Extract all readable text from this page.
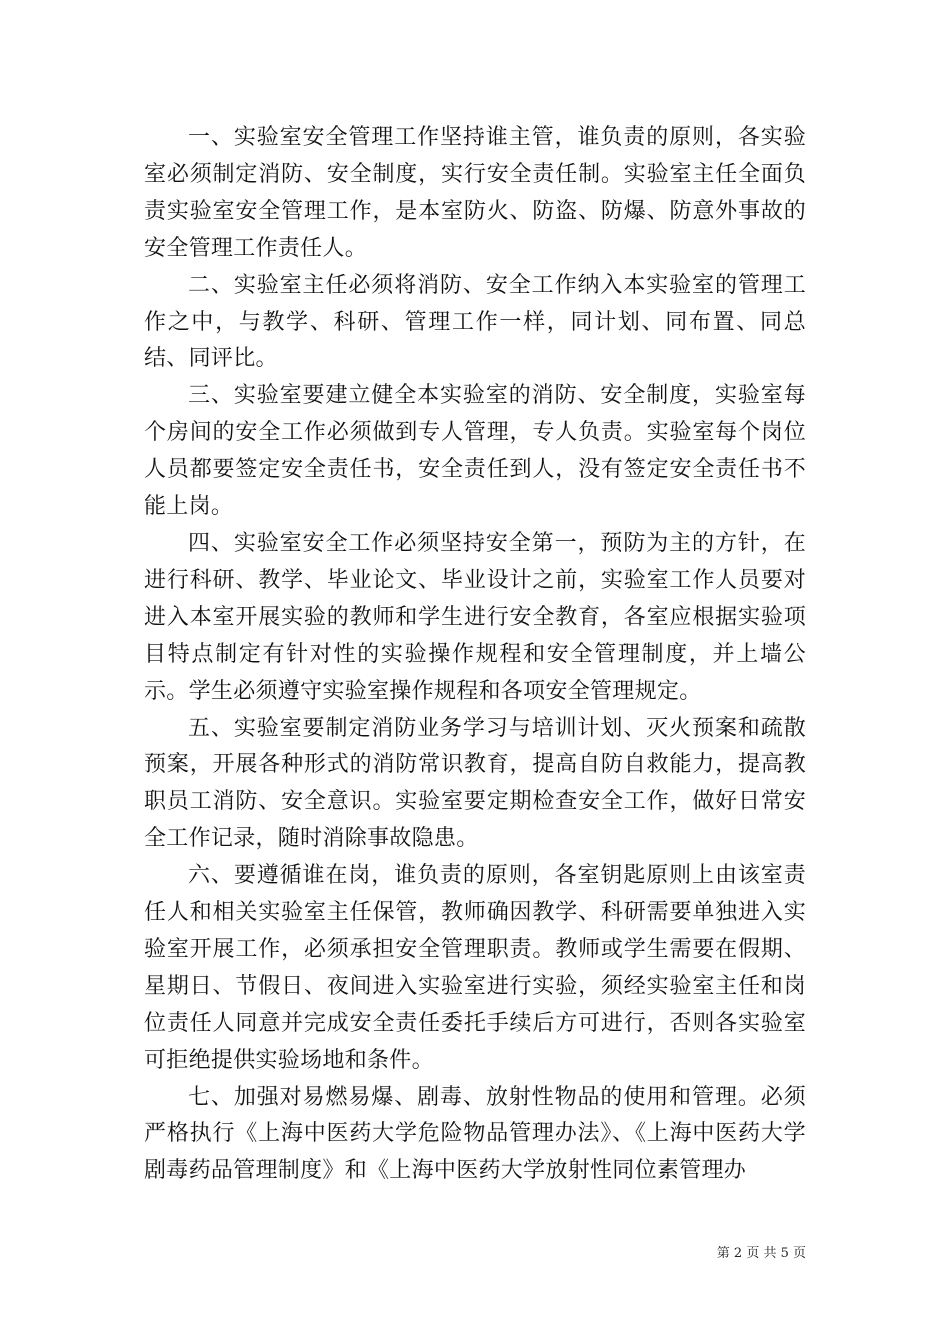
一、实验室安全管理工作坚持谁主管，谁负责的原则，各实验室必须制定消防、安全制度，实行安全责任制。实验室主任全面负责实验室安全管理工作，是本室防火、防盗、防爆、防意外事故的安全管理工作责任人。

二、实验室主任必须将消防、安全工作纳入本实验室的管理工作之中，与教学、科研、管理工作一样，同计划、同布置、同总结、同评比。

三、实验室要建立健全本实验室的消防、安全制度，实验室每个房间的安全工作必须做到专人管理，专人负责。实验室每个岗位人员都要签定安全责任书，安全责任到人，没有签定安全责任书不能上岗。

四、实验室安全工作必须坚持安全第一，预防为主的方针，在进行科研、教学、毕业论文、毕业设计之前，实验室工作人员要对进入本室开展实验的教师和学生进行安全教育，各室应根据实验项目特点制定有针对性的实验操作规程和安全管理制度，并上墙公示。学生必须遵守实验室操作规程和各项安全管理规定。

五、实验室要制定消防业务学习与培训计划、灭火预案和疏散预案，开展各种形式的消防常识教育，提高自防自救能力，提高教职员工消防、安全意识。实验室要定期检查安全工作，做好日常安全工作记录，随时消除事故隐患。

六、要遵循谁在岗，谁负责的原则，各室钥匙原则上由该室责任人和相关实验室主任保管，教师确因教学、科研需要单独进入实验室开展工作，必须承担安全管理职责。教师或学生需要在假期、星期日、节假日、夜间进入实验室进行实验，须经实验室主任和岗位责任人同意并完成安全责任委托手续后方可进行，否则各实验室可拒绝提供实验场地和条件。

七、加强对易燃易爆、剧毒、放射性物品的使用和管理。必须严格执行《上海中医药大学危险物品管理办法》、《上海中医药大学剧毒药品管理制度》和《上海中医药大学放射性同位素管理办

第 2 页 共 5 页
